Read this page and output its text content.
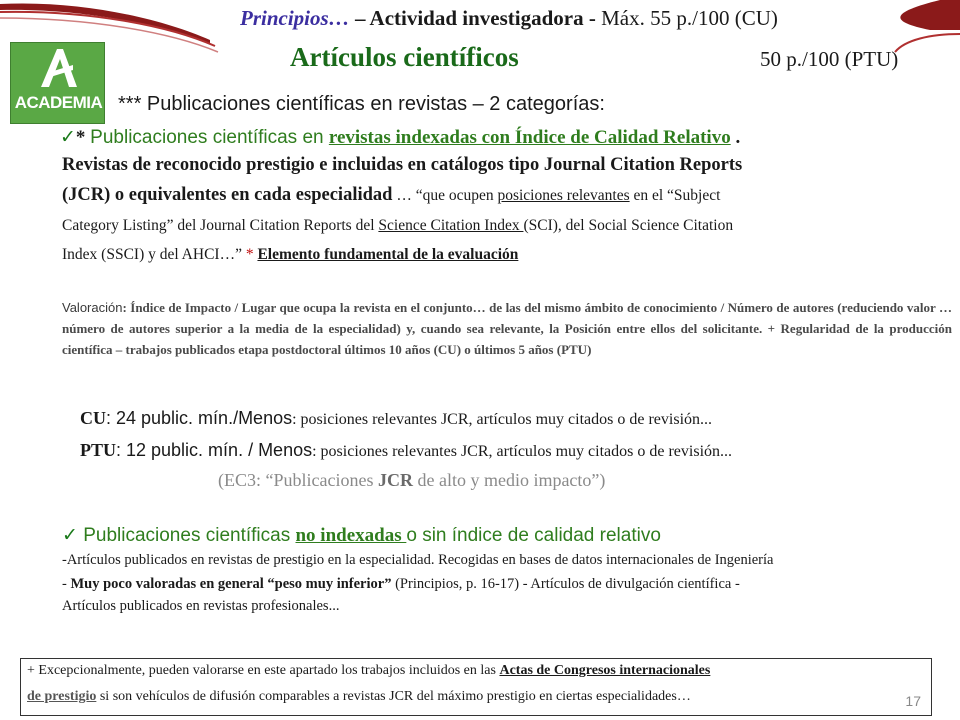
ACADEMIA
Principios… – Actividad investigadora - Máx. 55 p./100 (CU)
Artículos científicos	50 p./100 (PTU)
*** Publicaciones científicas en revistas – 2 categorías:
✓* Publicaciones científicas en revistas indexadas con Índice de Calidad Relativo .
Revistas de reconocido prestigio e incluidas en catálogos tipo Journal Citation Reports
(JCR) o equivalentes en cada especialidad … “que ocupen posiciones relevantes en el “Subject
Category Listing” del Journal Citation Reports del Science Citation Index (SCI), del Social Science Citation
Index (SSCI) y del AHCI…” * Elemento fundamental de la evaluación
Valoración: Índice de Impacto / Lugar que ocupa la revista en el conjunto… de las del mismo ámbito de conocimiento / Número de autores (reduciendo valor … número de autores superior a la media de la especialidad) y, cuando sea relevante, la Posición entre ellos del solicitante. + Regularidad de la producción científica – trabajos publicados etapa postdoctoral últimos 10 años (CU) o últimos 5 años (PTU)
CU: 24 public. mín./Menos: posiciones relevantes JCR, artículos muy citados o de revisión...
PTU: 12 public. mín. / Menos: posiciones relevantes JCR, artículos muy citados o de revisión...
(EC3: “Publicaciones JCR de alto y medio impacto”)
✓ Publicaciones científicas no indexadas o sin índice de calidad relativo
-Artículos publicados en revistas de prestigio en la especialidad. Recogidas en bases de datos internacionales de Ingeniería
- Muy poco valoradas en general “peso muy inferior” (Principios, p. 16-17) - Artículos de divulgación científica -
Artículos publicados en revistas profesionales...
+ Excepcionalmente, pueden valorarse en este apartado los trabajos incluidos en las Actas de Congresos internacionales
de prestigio si son vehículos de difusión comparables a revistas JCR del máximo prestigio en ciertas especialidades…	17
